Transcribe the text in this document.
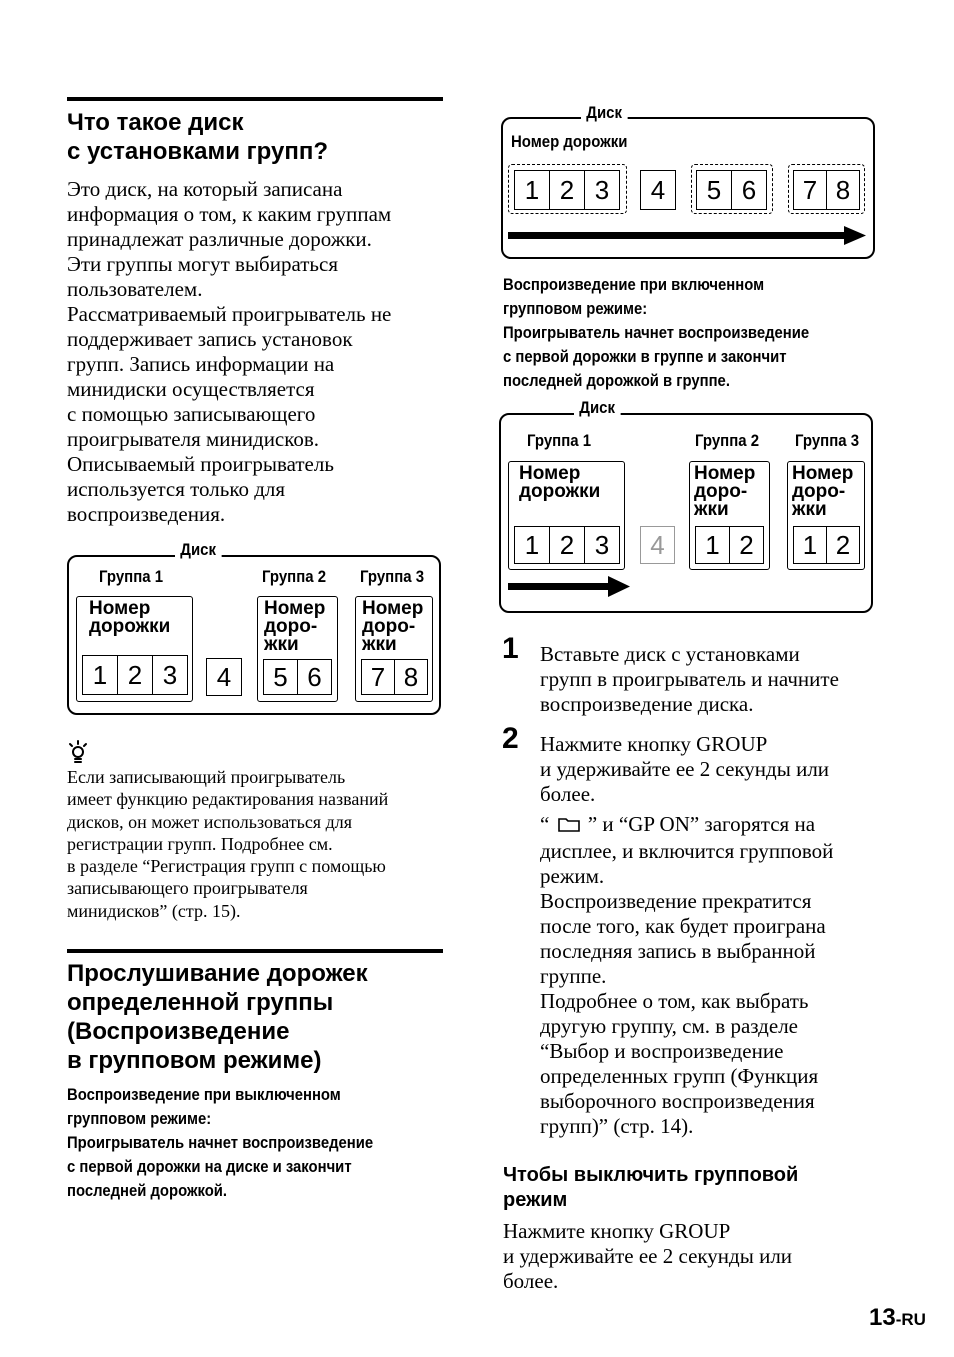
Что такое диск
с установками групп?
Это диск, на который записана
информация о том, к каким группам
принадлежат различные дорожки.
Эти группы могут выбираться
пользователем.
Рассматриваемый проигрыватель не
поддерживает запись установок
групп. Запись информации на
минидиски осуществляется
с помощью записывающего
проигрывателя минидисков.
Описываемый проигрыватель
используется только для
воспроизведения.
Диск
Группа 1	Группа 2 Группа 3
Номер
дорожки
1 2 3	4
Номер
доро-
жки
5 6
Номер
доро-
жки
7 8
Если записывающий проигрыватель
имеет функцию редактирования названий
дисков, он может использоваться для
регистрации групп. Подробнее см.
в разделе “Регистрация групп с помощью
записывающего проигрывателя
минидисков” (стр. 15).
Прослушивание дорожек
определенной группы
(Воспроизведение
в групповом режиме)
Воспроизведение при выключенном
групповом режиме:
Проигрыватель начнет воспроизведение
с первой дорожки на диске и закончит
последней дорожкой.
Диск
Номер дорожки
1 2 3	4	5 6	7 8
Воспроизведение при включенном
групповом режиме:
Проигрыватель начнет воспроизведение
с первой дорожки в группе и закончит
последней дорожкой в группе.
Диск
Группа 1	Группа 2 Группа 3
Номер
дорожки
1 2 3	4
Номер
доро-
жки
1 2
Номер
доро-
жки
1 2
1 Вставьте диск с установками
групп в проигрыватель и начните
воспроизведение диска.
2 Нажмите кнопку GROUP
и удерживайте ее 2 секунды или
более.
“ ” и “GP ON” загорятся на
дисплее, и включится групповой
режим.
Воспроизведение прекратится
после того, как будет проиграна
последняя запись в выбранной
группе.
Подробнее о том, как выбрать
другую группу, см. в разделе
“Выбор и воспроизведение
определенных групп (Функция
выборочного воспроизведения
групп)” (стр. 14).
Чтобы выключить групповой
режим
Нажмите кнопку GROUP
и удерживайте ее 2 секунды или
более.
13-RU
